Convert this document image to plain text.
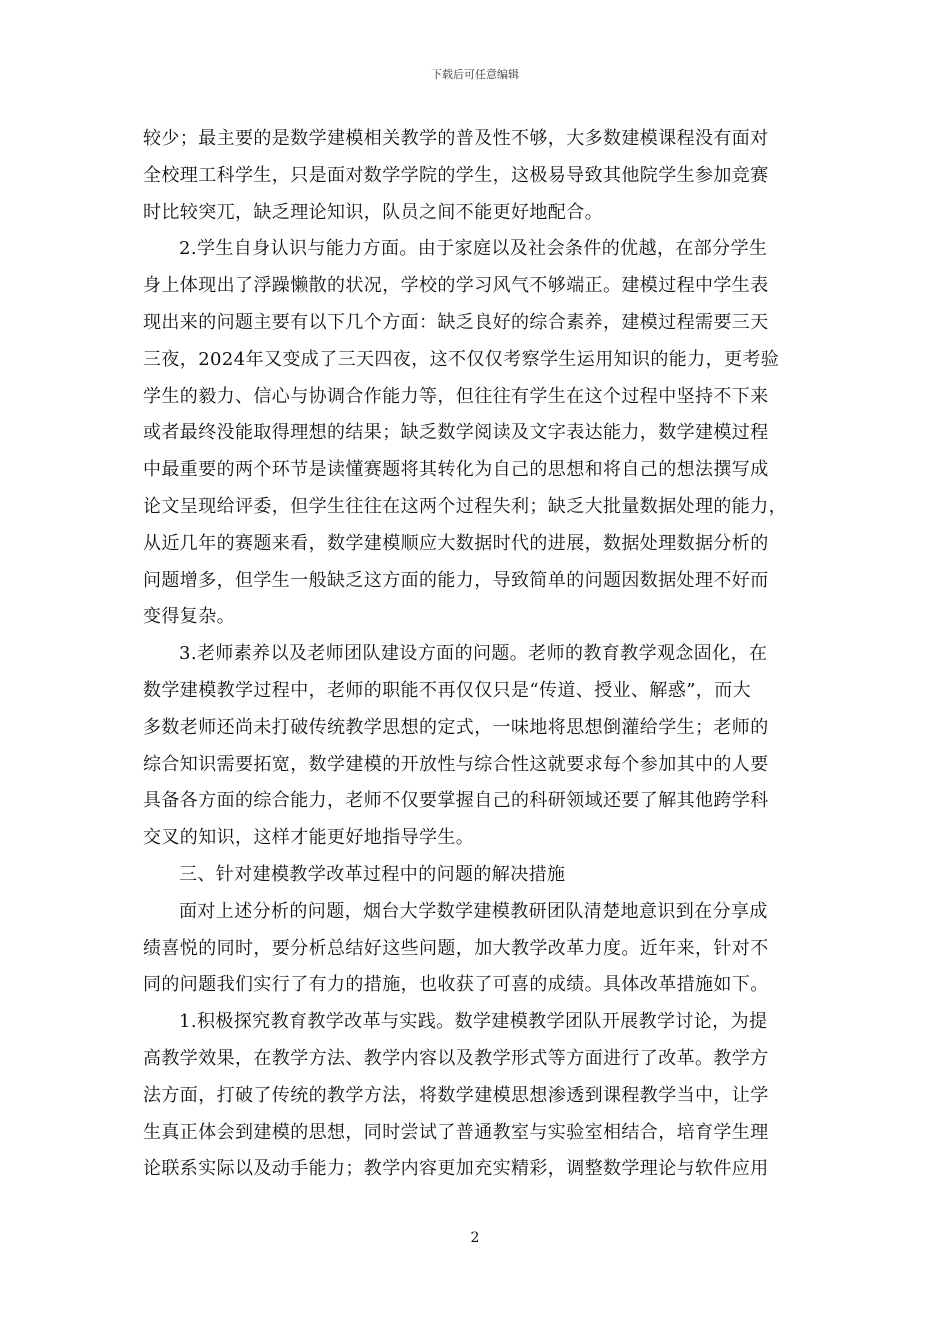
下载后可任意编辑
较少；最主要的是数学建模相关教学的普及性不够，大多数建模课程没有面对
全校理工科学生，只是面对数学学院的学生，这极易导致其他院学生参加竞赛
时比较突兀，缺乏理论知识，队员之间不能更好地配合。
2.学生自身认识与能力方面。由于家庭以及社会条件的优越，在部分学生
身上体现出了浮躁懒散的状况，学校的学习风气不够端正。建模过程中学生表
现出来的问题主要有以下几个方面：缺乏良好的综合素养，建模过程需要三天
三夜，2024年又变成了三天四夜，这不仅仅考察学生运用知识的能力，更考验
学生的毅力、信心与协调合作能力等，但往往有学生在这个过程中坚持不下来
或者最终没能取得理想的结果；缺乏数学阅读及文字表达能力，数学建模过程
中最重要的两个环节是读懂赛题将其转化为自己的思想和将自己的想法撰写成
论文呈现给评委，但学生往往在这两个过程失利；缺乏大批量数据处理的能力，
从近几年的赛题来看，数学建模顺应大数据时代的进展，数据处理数据分析的
问题增多，但学生一般缺乏这方面的能力，导致简单的问题因数据处理不好而
变得复杂。
3.老师素养以及老师团队建设方面的问题。老师的教育教学观念固化，在
数学建模教学过程中，老师的职能不再仅仅只是“传道、授业、解惑”，而大
多数老师还尚未打破传统教学思想的定式，一味地将思想倒灌给学生；老师的
综合知识需要拓宽，数学建模的开放性与综合性这就要求每个参加其中的人要
具备各方面的综合能力，老师不仅要掌握自己的科研领域还要了解其他跨学科
交叉的知识，这样才能更好地指导学生。
三、针对建模教学改革过程中的问题的解决措施
面对上述分析的问题，烟台大学数学建模教研团队清楚地意识到在分享成
绩喜悦的同时，要分析总结好这些问题，加大教学改革力度。近年来，针对不
同的问题我们实行了有力的措施，也收获了可喜的成绩。具体改革措施如下。
1.积极探究教育教学改革与实践。数学建模教学团队开展教学讨论，为提
高教学效果，在教学方法、教学内容以及教学形式等方面进行了改革。教学方
法方面，打破了传统的教学方法，将数学建模思想渗透到课程教学当中，让学
生真正体会到建模的思想，同时尝试了普通教室与实验室相结合，培育学生理
论联系实际以及动手能力；教学内容更加充实精彩，调整数学理论与软件应用
2
